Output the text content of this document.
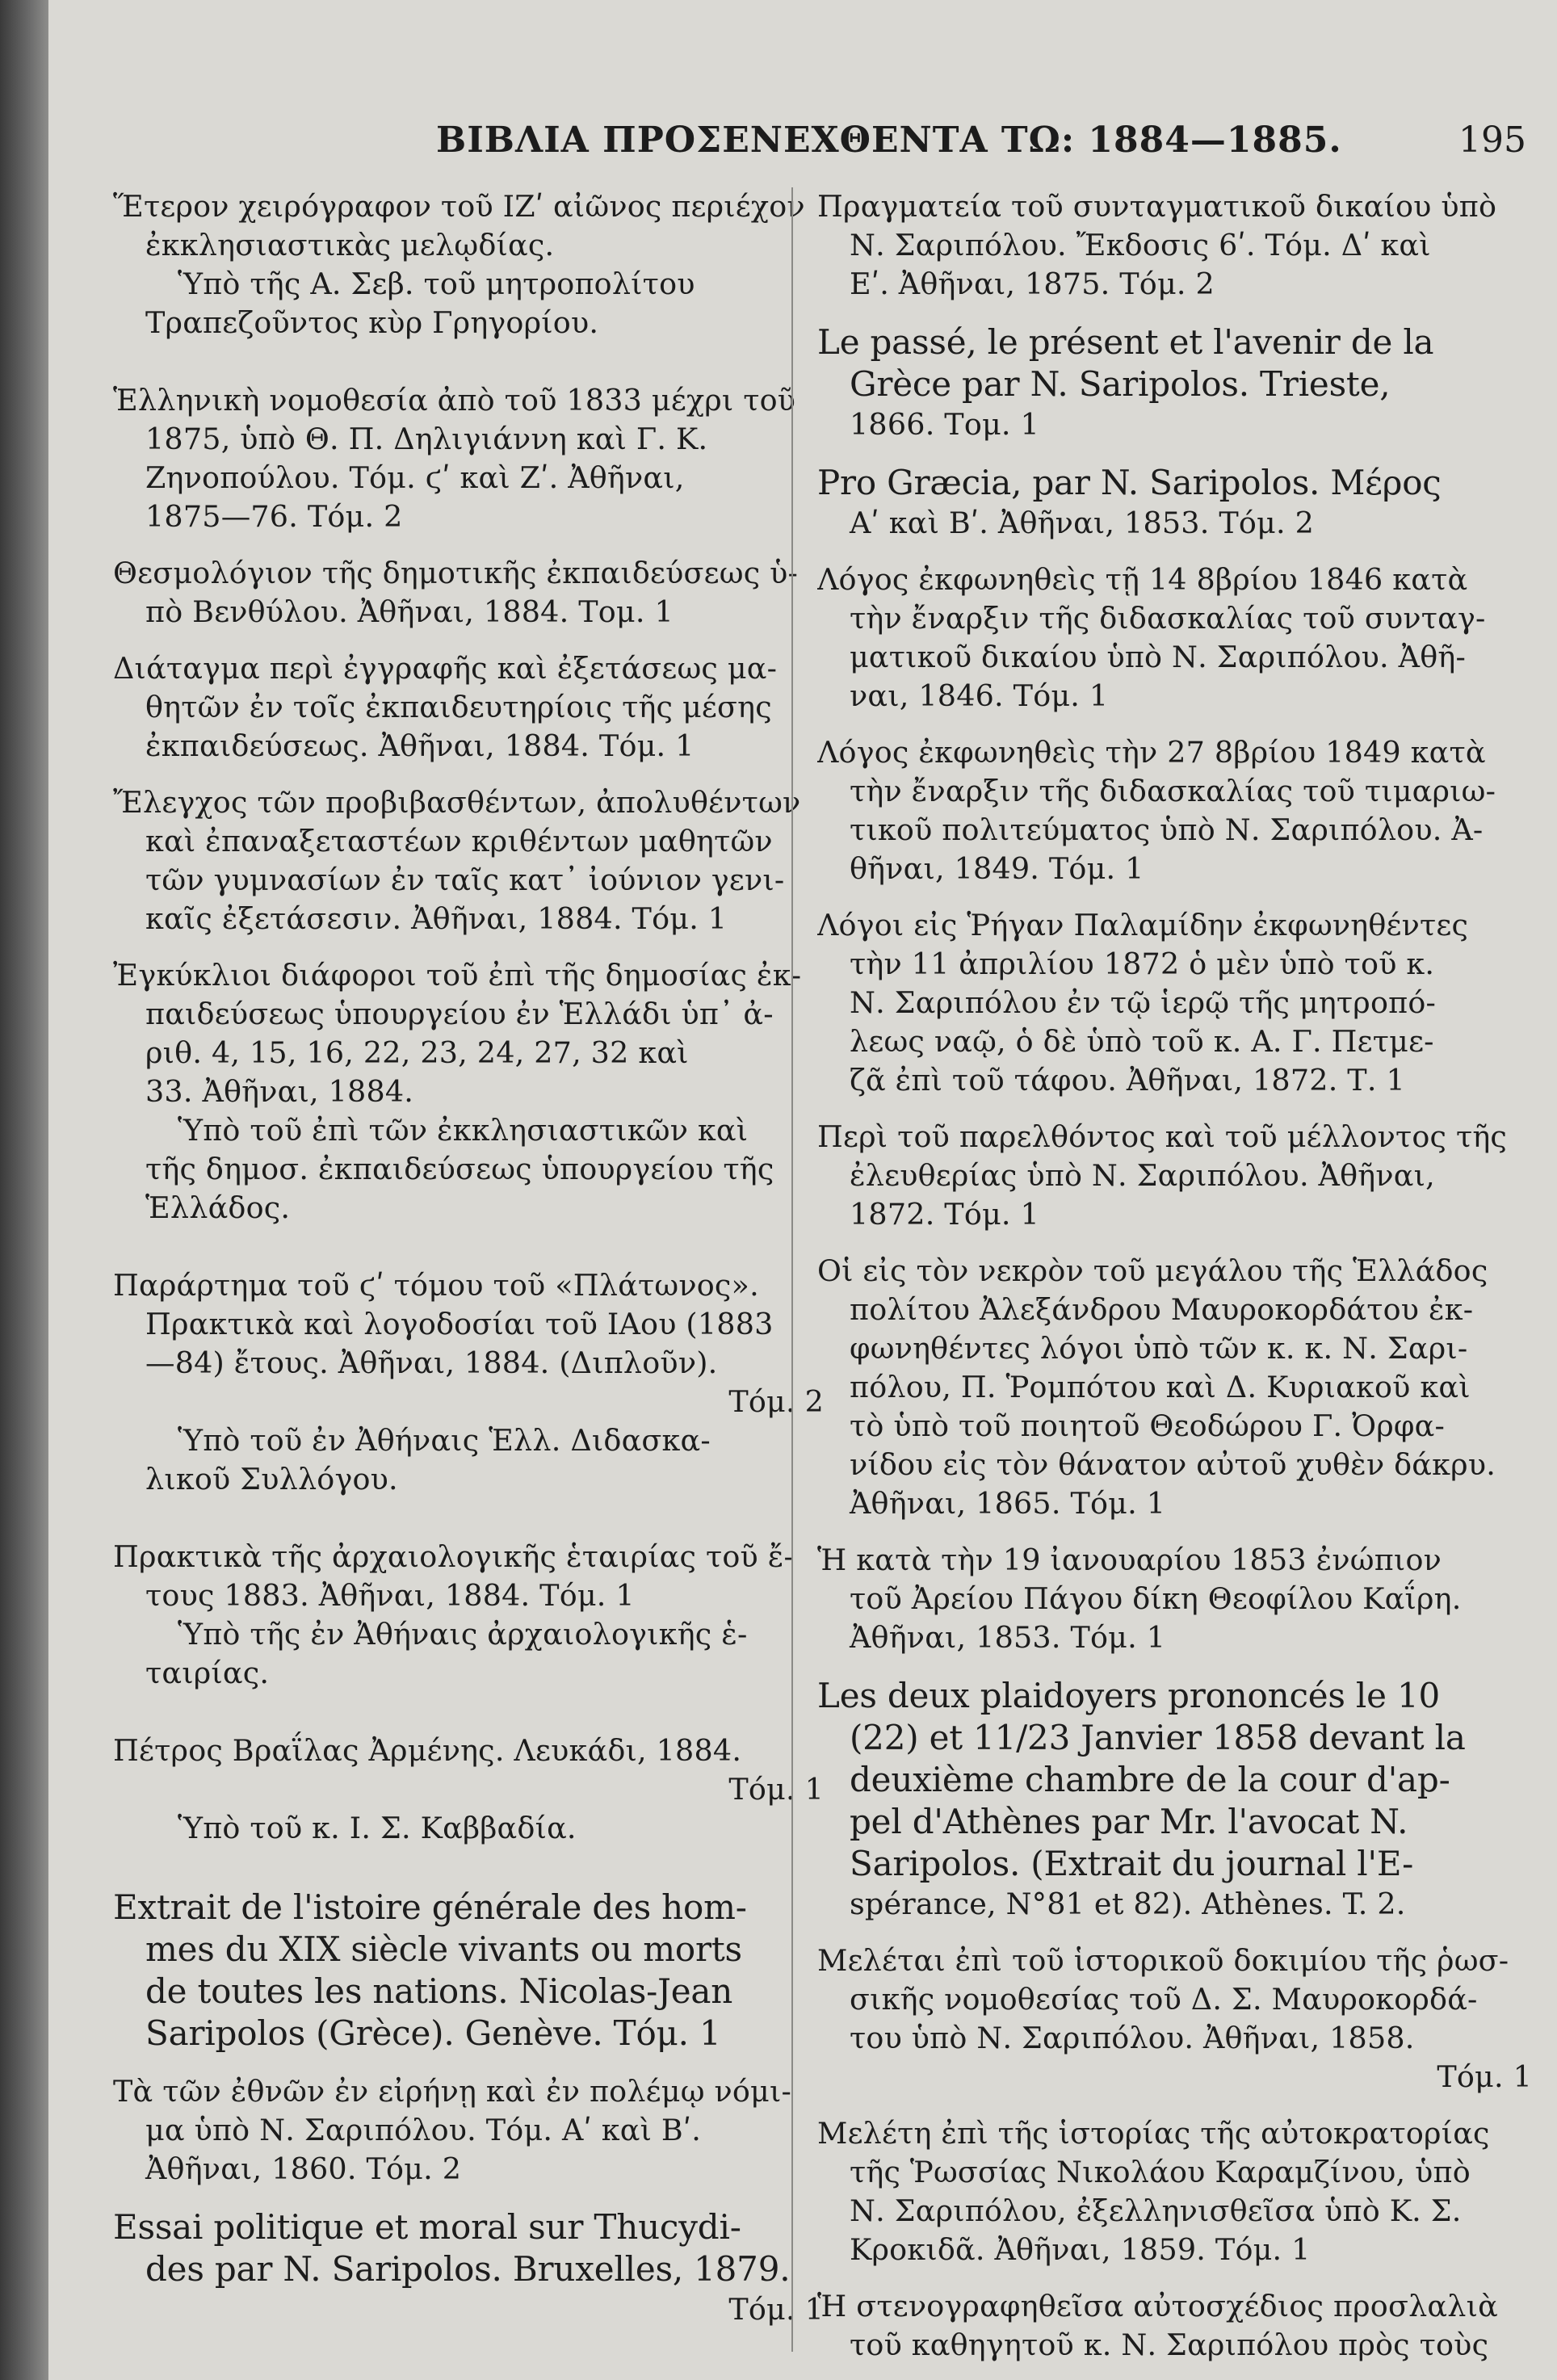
ΒΙΒΛΙΑ ΠΡΟΣΕΝΕΧΘΕΝΤΑ ΤΩ: 1884—1885.	195
Ἕτερον χειρόγραφον τοῦ ΙΖʹ αἰῶνος περιέχον
ἐκκλησιαστικὰς μελῳδίας.
Ὑπὸ τῆς Α. Σεβ. τοῦ μητροπολίτου
Τραπεζοῦντος κὺρ Γρηγορίου.
Ἑλληνικὴ νομοθεσία ἀπὸ τοῦ 1833 μέχρι τοῦ
1875, ὑπὸ Θ. Π. Δηλιγιάννη καὶ Γ. Κ.
Ζηνοπούλου. Τόμ. ϛʹ καὶ Ζʹ. Ἀθῆναι,
1875—76. Τόμ. 2
Θεσμολόγιον τῆς δημοτικῆς ἐκπαιδεύσεως ὑ-
πὸ Βενθύλου. Ἀθῆναι, 1884. Τομ. 1
Διάταγμα περὶ ἐγγραφῆς καὶ ἐξετάσεως μα-
θητῶν ἐν τοῖς ἐκπαιδευτηρίοις τῆς μέσης
ἐκπαιδεύσεως. Ἀθῆναι, 1884. Τόμ. 1
Ἔλεγχος τῶν προβιβασθέντων, ἀπολυθέντων
καὶ ἐπαναξεταστέων κριθέντων μαθητῶν
τῶν γυμνασίων ἐν ταῖς κατ᾽ ἰούνιον γενι-
καῖς ἐξετάσεσιν. Ἀθῆναι, 1884. Τόμ. 1
Ἐγκύκλιοι διάφοροι τοῦ ἐπὶ τῆς δημοσίας ἐκ-
παιδεύσεως ὑπουργείου ἐν Ἑλλάδι ὑπ᾽ ἀ-
ριθ. 4, 15, 16, 22, 23, 24, 27, 32 καὶ
33. Ἀθῆναι, 1884.
Ὑπὸ τοῦ ἐπὶ τῶν ἐκκλησιαστικῶν καὶ
τῆς δημοσ. ἐκπαιδεύσεως ὑπουργείου τῆς
Ἑλλάδος.
Παράρτημα τοῦ ϛʹ τόμου τοῦ «Πλάτωνος».
Πρακτικὰ καὶ λογοδοσίαι τοῦ ΙΑου (1883
—84) ἔτους. Ἀθῆναι, 1884. (Διπλοῦν).
Τόμ. 2
Ὑπὸ τοῦ ἐν Ἀθήναις Ἑλλ. Διδασκα-
λικοῦ Συλλόγου.
Πρακτικὰ τῆς ἀρχαιολογικῆς ἑταιρίας τοῦ ἔ-
τους 1883. Ἀθῆναι, 1884. Τόμ. 1
Ὑπὸ τῆς ἐν Ἀθήναις ἀρχαιολογικῆς ἑ-
ταιρίας.
Πέτρος Βραΐλας Ἀρμένης. Λευκάδι, 1884.
Τόμ. 1
Ὑπὸ τοῦ κ. Ι. Σ. Καββαδία.
Extrait de l'istoire générale des hom-
mes du XIX siècle vivants ou morts
de toutes les nations. Nicolas-Jean
Saripolos (Grèce). Genève. Τόμ. 1
Τὰ τῶν ἐθνῶν ἐν εἰρήνῃ καὶ ἐν πολέμῳ νόμι-
μα ὑπὸ Ν. Σαριπόλου. Τόμ. Αʹ καὶ Βʹ.
Ἀθῆναι, 1860. Τόμ. 2
Essai politique et moral sur Thucydi-
des par N. Saripolos. Bruxelles, 1879.
Τόμ. 1
Πραγματεία τοῦ συνταγματικοῦ δικαίου ὑπὸ
Ν. Σαριπόλου. Ἔκδοσις 6ʹ. Τόμ. Δʹ καὶ
Εʹ. Ἀθῆναι, 1875. Τόμ. 2
Le passé, le présent et l'avenir de la
Grèce par N. Saripolos. Trieste,
1866. Τομ. 1
Pro Græcia, par N. Saripolos. Μέρος
Αʹ καὶ Βʹ. Ἀθῆναι, 1853. Τόμ. 2
Λόγος ἐκφωνηθεὶς τῇ 14 8βρίου 1846 κατὰ
τὴν ἔναρξιν τῆς διδασκαλίας τοῦ συνταγ-
ματικοῦ δικαίου ὑπὸ Ν. Σαριπόλου. Ἀθῆ-
ναι, 1846. Τόμ. 1
Λόγος ἐκφωνηθεὶς τὴν 27 8βρίου 1849 κατὰ
τὴν ἔναρξιν τῆς διδασκαλίας τοῦ τιμαριω-
τικοῦ πολιτεύματος ὑπὸ Ν. Σαριπόλου. Ἀ-
θῆναι, 1849. Τόμ. 1
Λόγοι εἰς Ῥήγαν Παλαμίδην ἐκφωνηθέντες
τὴν 11 ἀπριλίου 1872 ὁ μὲν ὑπὸ τοῦ κ.
Ν. Σαριπόλου ἐν τῷ ἱερῷ τῆς μητροπό-
λεως ναῷ, ὁ δὲ ὑπὸ τοῦ κ. Α. Γ. Πετμε-
ζᾶ ἐπὶ τοῦ τάφου. Ἀθῆναι, 1872. Τ. 1
Περὶ τοῦ παρελθόντος καὶ τοῦ μέλλοντος τῆς
ἐλευθερίας ὑπὸ Ν. Σαριπόλου. Ἀθῆναι,
1872. Τόμ. 1
Οἱ εἰς τὸν νεκρὸν τοῦ μεγάλου τῆς Ἑλλάδος
πολίτου Ἀλεξάνδρου Μαυροκορδάτου ἐκ-
φωνηθέντες λόγοι ὑπὸ τῶν κ. κ. Ν. Σαρι-
πόλου, Π. Ῥομπότου καὶ Δ. Κυριακοῦ καὶ
τὸ ὑπὸ τοῦ ποιητοῦ Θεοδώρου Γ. Ὀρφα-
νίδου εἰς τὸν θάνατον αὐτοῦ χυθὲν δάκρυ.
Ἀθῆναι, 1865. Τόμ. 1
Ἡ κατὰ τὴν 19 ἰανουαρίου 1853 ἐνώπιον
τοῦ Ἀρείου Πάγου δίκη Θεοφίλου Καΐρη.
Ἀθῆναι, 1853. Τόμ. 1
Les deux plaidoyers prononcés le 10
(22) et 11/23 Janvier 1858 devant la
deuxième chambre de la cour d'ap-
pel d'Athènes par Mr. l'avocat N.
Saripolos. (Extrait du journal l'E-
spérance, N°81 et 82). Athènes. T. 2.
Μελέται ἐπὶ τοῦ ἱστορικοῦ δοκιμίου τῆς ῥωσ-
σικῆς νομοθεσίας τοῦ Δ. Σ. Μαυροκορδά-
του ὑπὸ Ν. Σαριπόλου. Ἀθῆναι, 1858.
Τόμ. 1
Μελέτη ἐπὶ τῆς ἱστορίας τῆς αὐτοκρατορίας
τῆς Ῥωσσίας Νικολάου Καραμζίνου, ὑπὸ
Ν. Σαριπόλου, ἐξελληνισθεῖσα ὑπὸ Κ. Σ.
Κροκιδᾶ. Ἀθῆναι, 1859. Τόμ. 1
Ἡ στενογραφηθεῖσα αὐτοσχέδιος προσλαλιὰ
τοῦ καθηγητοῦ κ. Ν. Σαριπόλου πρὸς τοὺς
